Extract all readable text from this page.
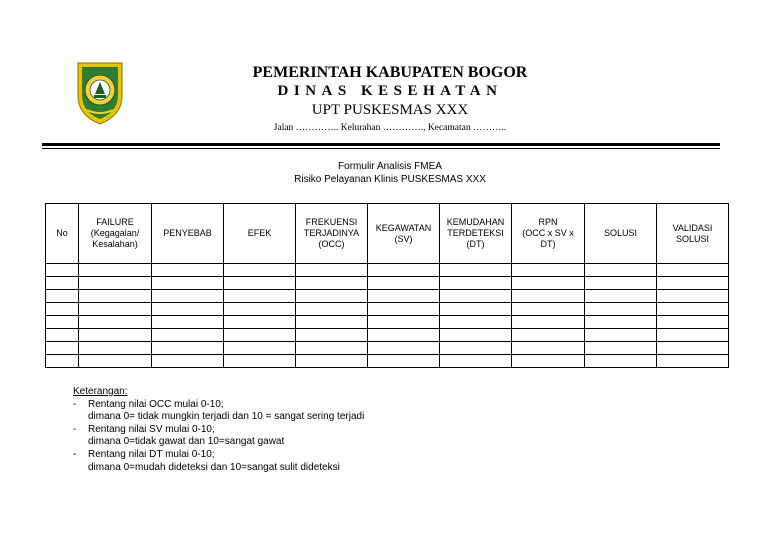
PEMERINTAH KABUPATEN BOGOR
DINAS KESEHATAN
UPT PUSKESMAS XXX
Jalan ………….. Kelurahan …………., Kecamatan ………..
Formulir Analisis FMEA
Risiko Pelayanan Klinis PUSKESMAS XXX
No	FAILURE
(Kegagalan/
Kesalahan)	PENYEBAB	EFEK	FREKUENSI
TERJADINYA
(OCC)	KEGAWATAN
(SV)	KEMUDAHAN
TERDETEKSI
(DT)	RPN
(OCC x SV x
DT)	SOLUSI	VALIDASI
SOLUSI

Keterangan:
- Rentang nilai OCC mulai 0-10;
dimana 0= tidak mungkin terjadi dan 10 = sangat sering terjadi
- Rentang nilai SV mulai 0-10;
dimana 0=tidak gawat dan 10=sangat gawat
- Rentang nilai DT mulai 0-10;
dimana 0=mudah dideteksi dan 10=sangat sulit dideteksi
